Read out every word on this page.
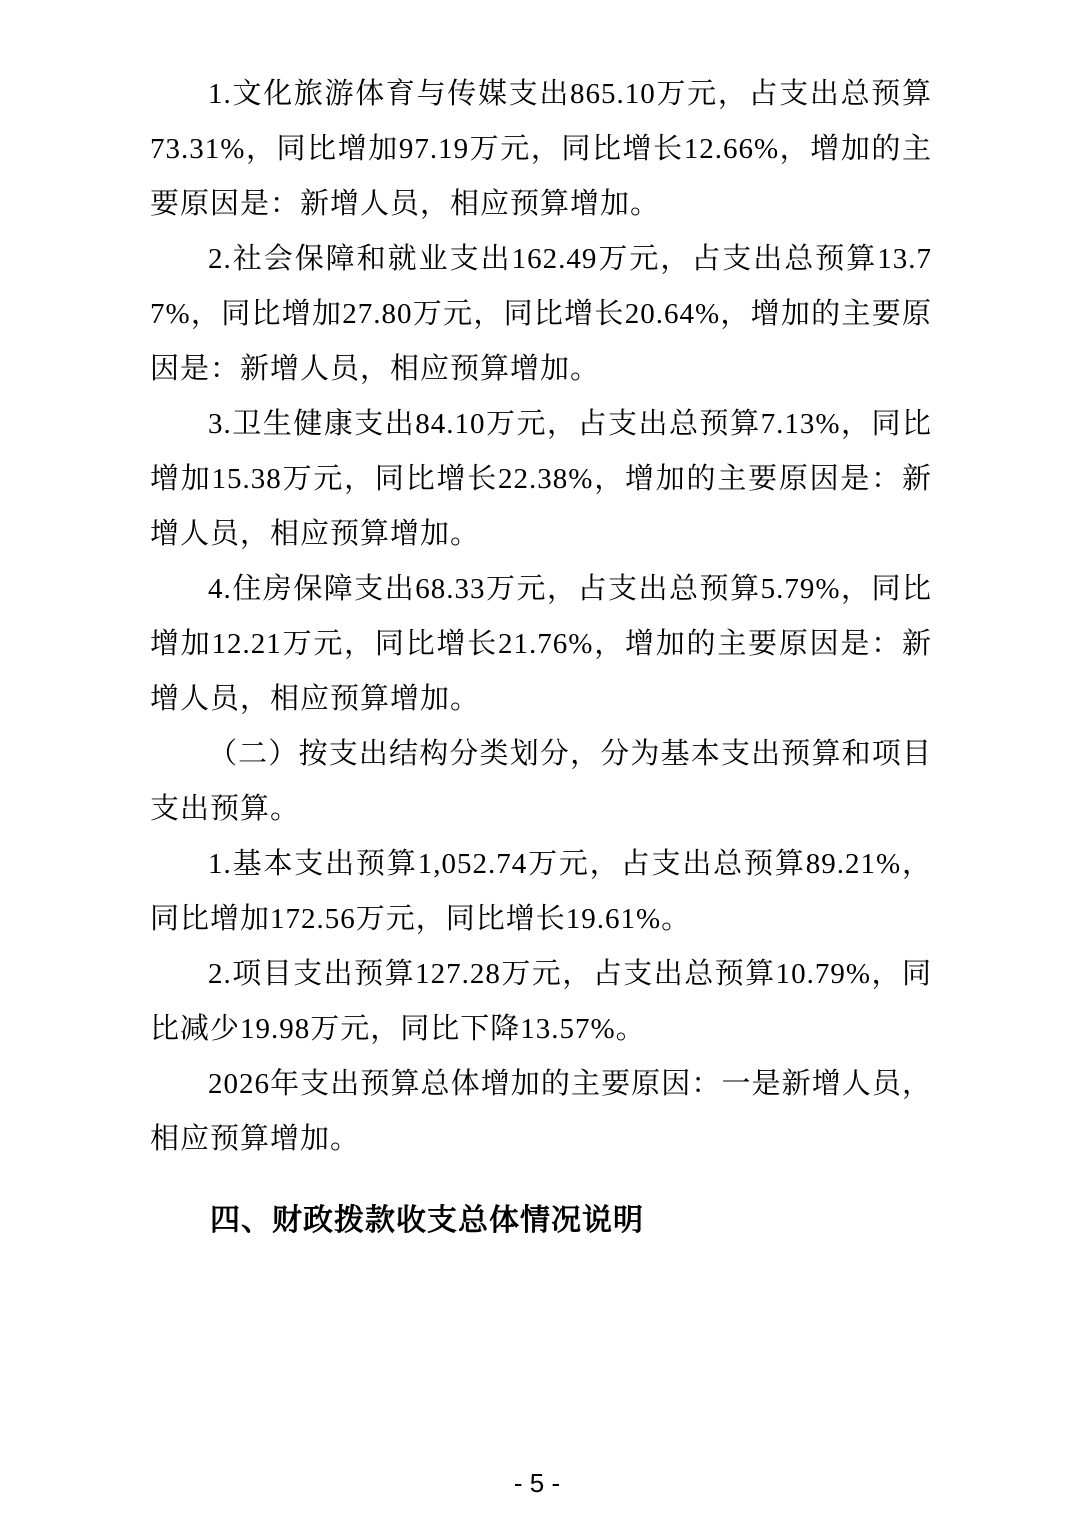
1.文化旅游体育与传媒支出865.10万元，占支出总预算73.31%，同比增加97.19万元，同比增长12.66%，增加的主要原因是：新增人员，相应预算增加。

2.社会保障和就业支出162.49万元，占支出总预算13.77%，同比增加27.80万元，同比增长20.64%，增加的主要原因是：新增人员，相应预算增加。

3.卫生健康支出84.10万元，占支出总预算7.13%，同比增加15.38万元，同比增长22.38%，增加的主要原因是：新增人员，相应预算增加。

4.住房保障支出68.33万元，占支出总预算5.79%，同比增加12.21万元，同比增长21.76%，增加的主要原因是：新增人员，相应预算增加。

（二）按支出结构分类划分，分为基本支出预算和项目支出预算。

1.基本支出预算1,052.74万元，占支出总预算89.21%，同比增加172.56万元，同比增长19.61%。

2.项目支出预算127.28万元，占支出总预算10.79%，同比减少19.98万元，同比下降13.57%。

2026年支出预算总体增加的主要原因：一是新增人员，相应预算增加。

四、财政拨款收支总体情况说明
- 5 -
